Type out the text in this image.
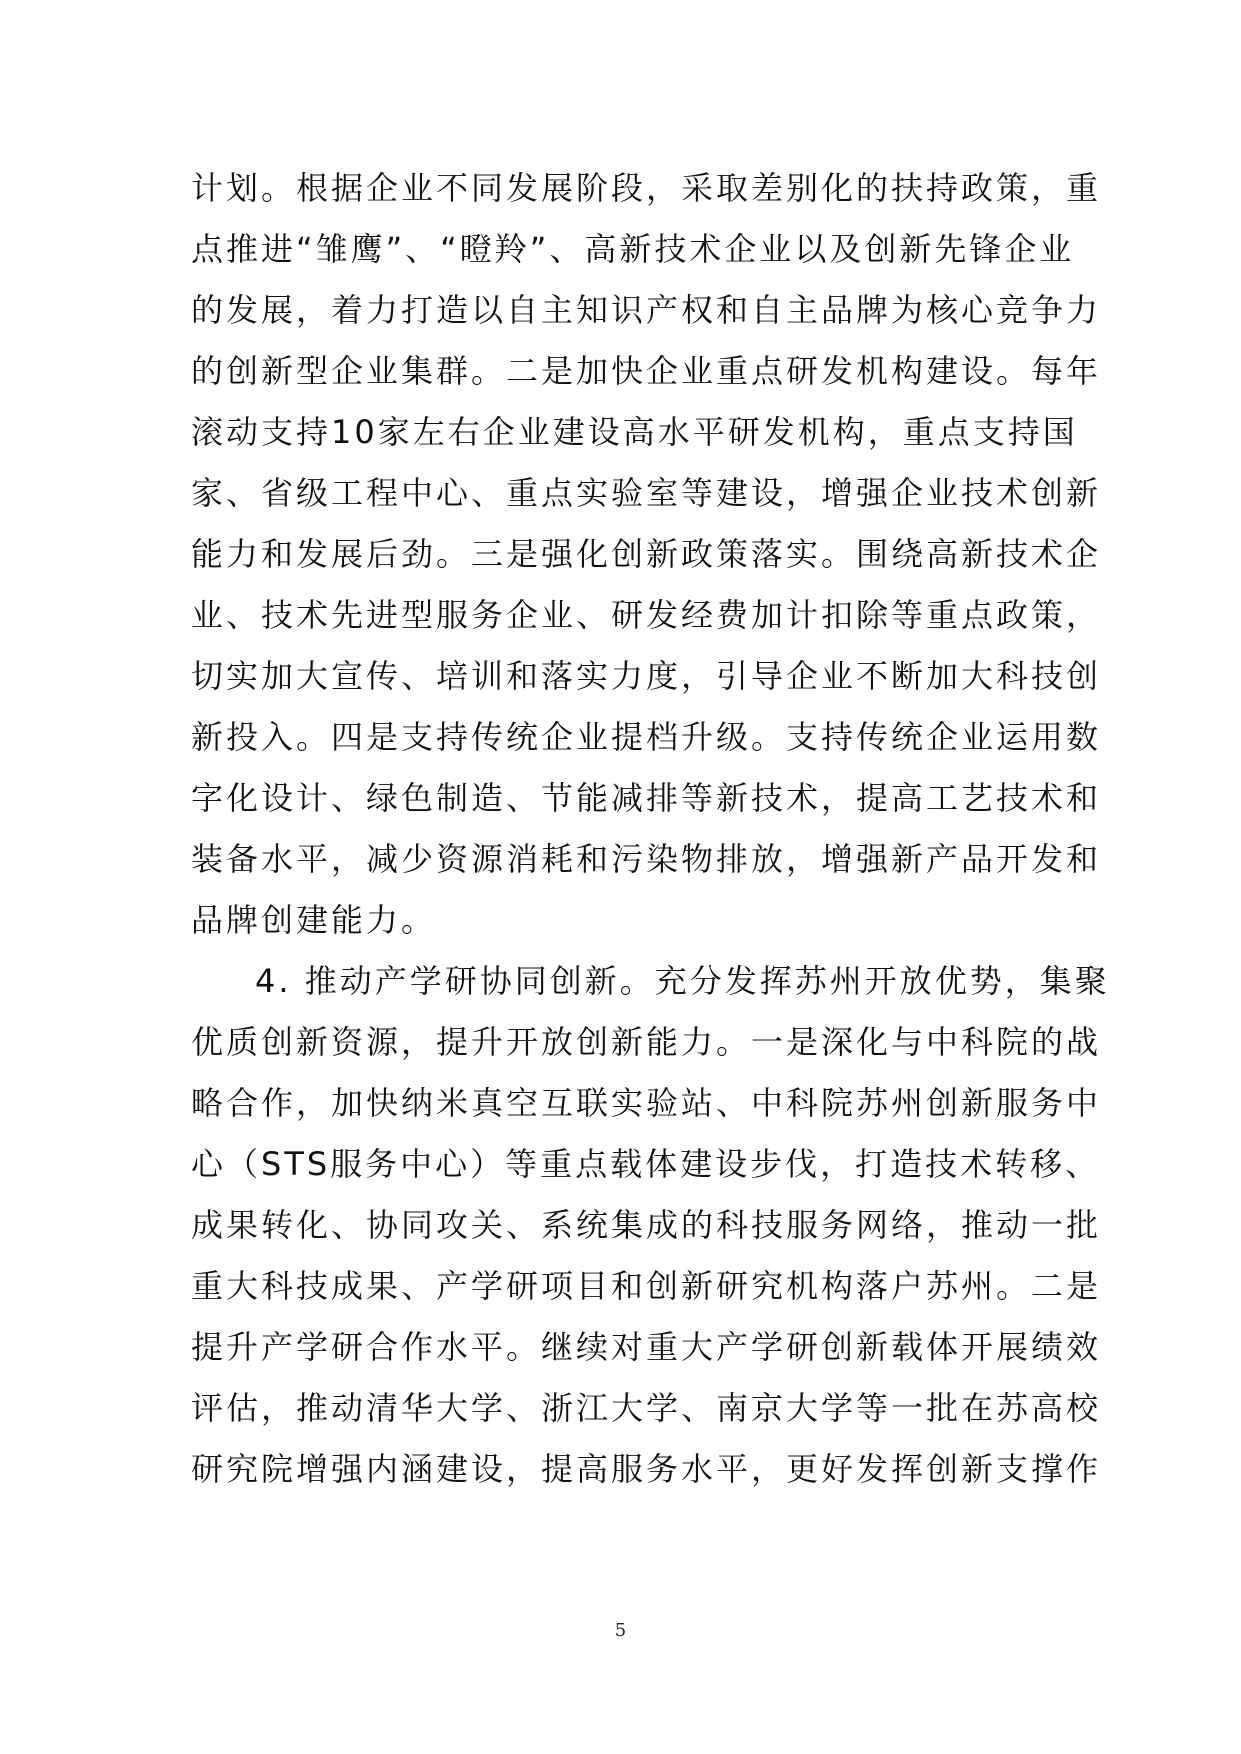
计划。根据企业不同发展阶段，采取差别化的扶持政策，重
点推进“雏鹰”、“瞪羚”、高新技术企业以及创新先锋企业
的发展，着力打造以自主知识产权和自主品牌为核心竞争力
的创新型企业集群。二是加快企业重点研发机构建设。每年
滚动支持10家左右企业建设高水平研发机构，重点支持国
家、省级工程中心、重点实验室等建设，增强企业技术创新
能力和发展后劲。三是强化创新政策落实。围绕高新技术企
业、技术先进型服务企业、研发经费加计扣除等重点政策，
切实加大宣传、培训和落实力度，引导企业不断加大科技创
新投入。四是支持传统企业提档升级。支持传统企业运用数
字化设计、绿色制造、节能减排等新技术，提高工艺技术和
装备水平，减少资源消耗和污染物排放，增强新产品开发和
品牌创建能力。
4. 推动产学研协同创新。充分发挥苏州开放优势，集聚
优质创新资源，提升开放创新能力。一是深化与中科院的战
略合作，加快纳米真空互联实验站、中科院苏州创新服务中
心（STS服务中心）等重点载体建设步伐，打造技术转移、
成果转化、协同攻关、系统集成的科技服务网络，推动一批
重大科技成果、产学研项目和创新研究机构落户苏州。二是
提升产学研合作水平。继续对重大产学研创新载体开展绩效
评估，推动清华大学、浙江大学、南京大学等一批在苏高校
研究院增强内涵建设，提高服务水平，更好发挥创新支撑作
5
